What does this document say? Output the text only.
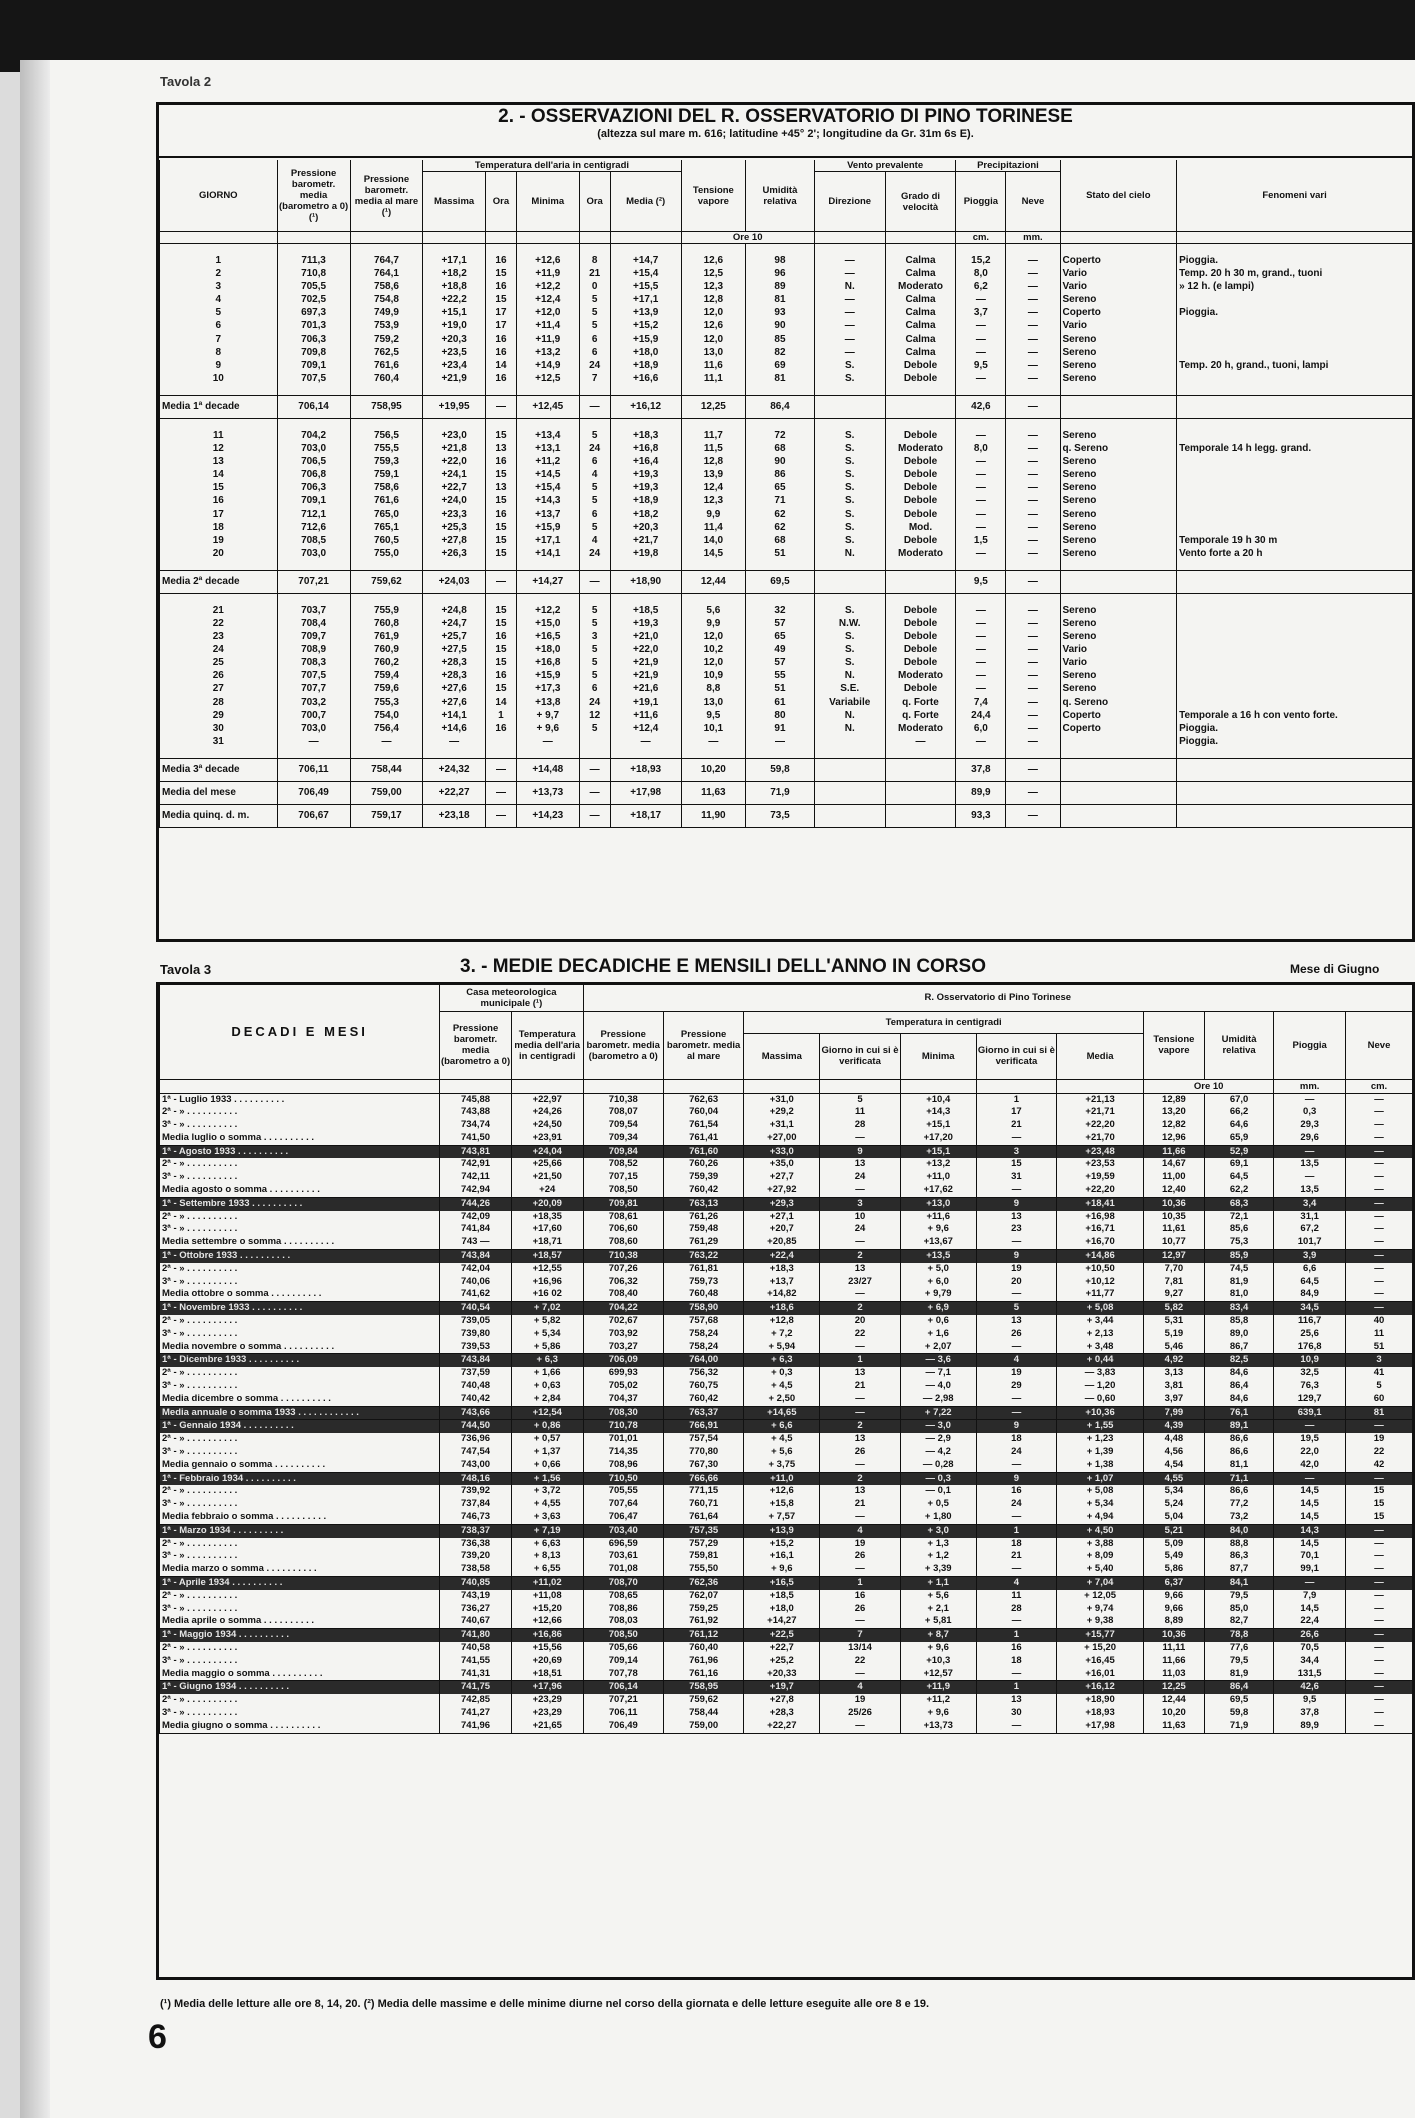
Tavola 2
2. - OSSERVAZIONI DEL R. OSSERVATORIO DI PINO TORINESE
(altezza sul mare m. 616; latitudine +45° 2'; longitudine da Gr. 31m 6s E).
GIORNO	Pressione barometr. media (barometro a 0) (¹)	Pressione barometr. media al mare (¹)	Temperatura dell'aria in centigradi					Tensione vapore	Umidità relativa	Vento prevalente		Precipitazioni		Stato del cielo	Fenomeni vari
			Massima	Ora	Minima	Ora	Media (²)			Direzione	Grado di velocità	Pioggia	Neve		
								Ore 10				cm.	mm.		

1	711,3	764,7	+17,1	16	+12,6	8	+14,7	12,6	98	—	Calma	15,2	—	Coperto	Pioggia.
2	710,8	764,1	+18,2	15	+11,9	21	+15,4	12,5	96	—	Calma	8,0	—	Vario	Temp. 20 h 30 m, grand., tuoni
3	705,5	758,6	+18,8	16	+12,2	0	+15,5	12,3	89	N.	Moderato	6,2	—	Vario	» 12 h. (e lampi)
4	702,5	754,8	+22,2	15	+12,4	5	+17,1	12,8	81	—	Calma	—	—	Sereno	
5	697,3	749,9	+15,1	17	+12,0	5	+13,9	12,0	93	—	Calma	3,7	—	Coperto	Pioggia.
6	701,3	753,9	+19,0	17	+11,4	5	+15,2	12,6	90	—	Calma	—	—	Vario	
7	706,3	759,2	+20,3	16	+11,9	6	+15,9	12,0	85	—	Calma	—	—	Sereno	
8	709,8	762,5	+23,5	16	+13,2	6	+18,0	13,0	82	—	Calma	—	—	Sereno	
9	709,1	761,6	+23,4	14	+14,9	24	+18,9	11,6	69	S.	Debole	9,5	—	Sereno	Temp. 20 h, grand., tuoni, lampi
10	707,5	760,4	+21,9	16	+12,5	7	+16,6	11,1	81	S.	Debole	—	—	Sereno	

Media 1ª decade	706,14	758,95	+19,95	—	+12,45	—	+16,12	12,25	86,4			42,6	—		

11	704,2	756,5	+23,0	15	+13,4	5	+18,3	11,7	72	S.	Debole	—	—	Sereno	
12	703,0	755,5	+21,8	13	+13,1	24	+16,8	11,5	68	S.	Moderato	8,0	—	q. Sereno	Temporale 14 h legg. grand.
13	706,5	759,3	+22,0	16	+11,2	6	+16,4	12,8	90	S.	Debole	—	—	Sereno	
14	706,8	759,1	+24,1	15	+14,5	4	+19,3	13,9	86	S.	Debole	—	—	Sereno	
15	706,3	758,6	+22,7	13	+15,4	5	+19,3	12,4	65	S.	Debole	—	—	Sereno	
16	709,1	761,6	+24,0	15	+14,3	5	+18,9	12,3	71	S.	Debole	—	—	Sereno	
17	712,1	765,0	+23,3	16	+13,7	6	+18,2	9,9	62	S.	Debole	—	—	Sereno	
18	712,6	765,1	+25,3	15	+15,9	5	+20,3	11,4	62	S.	Mod.	—	—	Sereno	
19	708,5	760,5	+27,8	15	+17,1	4	+21,7	14,0	68	S.	Debole	1,5	—	Sereno	Temporale 19 h 30 m
20	703,0	755,0	+26,3	15	+14,1	24	+19,8	14,5	51	N.	Moderato	—	—	Sereno	Vento forte a 20 h

Media 2ª decade	707,21	759,62	+24,03	—	+14,27	—	+18,90	12,44	69,5			9,5	—		

21	703,7	755,9	+24,8	15	+12,2	5	+18,5	5,6	32	S.	Debole	—	—	Sereno	
22	708,4	760,8	+24,7	15	+15,0	5	+19,3	9,9	57	N.W.	Debole	—	—	Sereno	
23	709,7	761,9	+25,7	16	+16,5	3	+21,0	12,0	65	S.	Debole	—	—	Sereno	
24	708,9	760,9	+27,5	15	+18,0	5	+22,0	10,2	49	S.	Debole	—	—	Vario	
25	708,3	760,2	+28,3	15	+16,8	5	+21,9	12,0	57	S.	Debole	—	—	Vario	
26	707,5	759,4	+28,3	16	+15,9	5	+21,9	10,9	55	N.	Moderato	—	—	Sereno	
27	707,7	759,6	+27,6	15	+17,3	6	+21,6	8,8	51	S.E.	Debole	—	—	Sereno	
28	703,2	755,3	+27,6	14	+13,8	24	+19,1	13,0	61	Variabile	q. Forte	7,4	—	q. Sereno	
29	700,7	754,0	+14,1	1	+ 9,7	12	+11,6	9,5	80	N.	q. Forte	24,4	—	Coperto	Temporale a 16 h con vento forte.
30	703,0	756,4	+14,6	16	+ 9,6	5	+12,4	10,1	91	N.	Moderato	6,0	—	Coperto	Pioggia.
31	—	—	—		—		—	—	—		—	—	—		Pioggia.

Media 3ª decade	706,11	758,44	+24,32	—	+14,48	—	+18,93	10,20	59,8			37,8	—		
Media del mese	706,49	759,00	+22,27	—	+13,73	—	+17,98	11,63	71,9			89,9	—		
Media quinq. d. m.	706,67	759,17	+23,18	—	+14,23	—	+18,17	11,90	73,5			93,3	—		
Tavola 3	3. - MEDIE DECADICHE E MENSILI DELL'ANNO IN CORSO	Mese di Giugno
DECADI E MESI	Casa meteorologica municipale (¹)		R. Osservatorio di Pino Torinese										
	Pressione barometr. media (barometro a 0)	Temperatura media dell'aria in centigradi	Pressione barometr. media (barometro a 0)	Pressione barometr. media al mare	Temperatura in centigradi					Tensione vapore	Umidità relativa	Pioggia	Neve
					Massima	Giorno in cui si è verificata	Minima	Giorno in cui si è verificata	Media				
										Ore 10		mm.	cm.
1ª - Luglio 1933 . . . . . . . . . .	745,88	+22,97	710,38	762,63	+31,0	5	+10,4	1	+21,13	12,89	67,0	—	—
2ª - » . . . . . . . . . .	743,88	+24,26	708,07	760,04	+29,2	11	+14,3	17	+21,71	13,20	66,2	0,3	—
3ª - » . . . . . . . . . .	734,74	+24,50	709,54	761,54	+31,1	28	+15,1	21	+22,20	12,82	64,6	29,3	—
Media luglio o somma . . . . . . . . . .	741,50	+23,91	709,34	761,41	+27,00	—	+17,20	—	+21,70	12,96	65,9	29,6	—
1ª - Agosto 1933 . . . . . . . . . .	743,81	+24,04	709,84	761,60	+33,0	9	+15,1	3	+23,48	11,66	52,9	—	—
2ª - » . . . . . . . . . .	742,91	+25,66	708,52	760,26	+35,0	13	+13,2	15	+23,53	14,67	69,1	13,5	—
3ª - » . . . . . . . . . .	742,11	+21,50	707,15	759,39	+27,7	24	+11,0	31	+19,59	11,00	64,5	—	—
Media agosto o somma . . . . . . . . . .	742,94	+24	708,50	760,42	+27,92	—	+17,62	—	+22,20	12,40	62,2	13,5	—
1ª - Settembre 1933 . . . . . . . . . .	744,26	+20,09	709,81	763,13	+29,3	3	+13,0	9	+18,41	10,36	68,3	3,4	—
2ª - » . . . . . . . . . .	742,09	+18,35	708,61	761,26	+27,1	10	+11,6	13	+16,98	10,35	72,1	31,1	—
3ª - » . . . . . . . . . .	741,84	+17,60	706,60	759,48	+20,7	24	+ 9,6	23	+16,71	11,61	85,6	67,2	—
Media settembre o somma . . . . . . . . . .	743 —	+18,71	708,60	761,29	+20,85	—	+13,67	—	+16,70	10,77	75,3	101,7	—
1ª - Ottobre 1933 . . . . . . . . . .	743,84	+18,57	710,38	763,22	+22,4	2	+13,5	9	+14,86	12,97	85,9	3,9	—
2ª - » . . . . . . . . . .	742,04	+12,55	707,26	761,81	+18,3	13	+ 5,0	19	+10,50	7,70	74,5	6,6	—
3ª - » . . . . . . . . . .	740,06	+16,96	706,32	759,73	+13,7	23/27	+ 6,0	20	+10,12	7,81	81,9	64,5	—
Media ottobre o somma . . . . . . . . . .	741,62	+16 02	708,40	760,48	+14,82	—	+ 9,79	—	+11,77	9,27	81,0	84,9	—
1ª - Novembre 1933 . . . . . . . . . .	740,54	+ 7,02	704,22	758,90	+18,6	2	+ 6,9	5	+ 5,08	5,82	83,4	34,5	—
2ª - » . . . . . . . . . .	739,05	+ 5,82	702,67	757,68	+12,8	20	+ 0,6	13	+ 3,44	5,31	85,8	116,7	40
3ª - » . . . . . . . . . .	739,80	+ 5,34	703,92	758,24	+ 7,2	22	+ 1,6	26	+ 2,13	5,19	89,0	25,6	11
Media novembre o somma . . . . . . . . . .	739,53	+ 5,86	703,27	758,24	+ 5,94	—	+ 2,07	—	+ 3,48	5,46	86,7	176,8	51
1ª - Dicembre 1933 . . . . . . . . . .	743,84	+ 6,3	706,09	764,00	+ 6,3	1	— 3,6	4	+ 0,44	4,92	82,5	10,9	3
2ª - » . . . . . . . . . .	737,59	+ 1,66	699,93	756,32	+ 0,3	13	— 7,1	19	— 3,83	3,13	84,6	32,5	41
3ª - » . . . . . . . . . .	740,48	+ 0,63	705,02	760,75	+ 4,5	21	— 4,0	29	— 1,20	3,81	86,4	76,3	5
Media dicembre o somma . . . . . . . . . .	740,42	+ 2,84	704,37	760,42	+ 2,50	—	— 2,98	—	— 0,60	3,97	84,6	129,7	60
Media annuale o somma 1933 . . . . . . . . . . . .	743,66	+12,54	708,30	763,37	+14,65	—	+ 7,22	—	+10,36	7,99	76,1	639,1	81
1ª - Gennaio 1934 . . . . . . . . . .	744,50	+ 0,86	710,78	766,91	+ 6,6	2	— 3,0	9	+ 1,55	4,39	89,1	—	—
2ª - » . . . . . . . . . .	736,96	+ 0,57	701,01	757,54	+ 4,5	13	— 2,9	18	+ 1,23	4,48	86,6	19,5	19
3ª - » . . . . . . . . . .	747,54	+ 1,37	714,35	770,80	+ 5,6	26	— 4,2	24	+ 1,39	4,56	86,6	22,0	22
Media gennaio o somma . . . . . . . . . .	743,00	+ 0,66	708,96	767,30	+ 3,75	—	— 0,28	—	+ 1,38	4,54	81,1	42,0	42
1ª - Febbraio 1934 . . . . . . . . . .	748,16	+ 1,56	710,50	766,66	+11,0	2	— 0,3	9	+ 1,07	4,55	71,1	—	—
2ª - » . . . . . . . . . .	739,92	+ 3,72	705,55	771,15	+12,6	13	— 0,1	16	+ 5,08	5,34	86,6	14,5	15
3ª - » . . . . . . . . . .	737,84	+ 4,55	707,64	760,71	+15,8	21	+ 0,5	24	+ 5,34	5,24	77,2	14,5	15
Media febbraio o somma . . . . . . . . . .	746,73	+ 3,63	706,47	761,64	+ 7,57	—	+ 1,80	—	+ 4,94	5,04	73,2	14,5	15
1ª - Marzo 1934 . . . . . . . . . .	738,37	+ 7,19	703,40	757,35	+13,9	4	+ 3,0	1	+ 4,50	5,21	84,0	14,3	—
2ª - » . . . . . . . . . .	736,38	+ 6,63	696,59	757,29	+15,2	19	+ 1,3	18	+ 3,88	5,09	88,8	14,5	—
3ª - » . . . . . . . . . .	739,20	+ 8,13	703,61	759,81	+16,1	26	+ 1,2	21	+ 8,09	5,49	86,3	70,1	—
Media marzo o somma . . . . . . . . . .	738,58	+ 6,55	701,08	755,50	+ 9,6	—	+ 3,39	—	+ 5,40	5,86	87,7	99,1	—
1ª - Aprile 1934 . . . . . . . . . .	740,85	+11,02	708,70	762,36	+16,5	1	+ 1,1	4	+ 7,04	6,37	84,1	—	—
2ª - » . . . . . . . . . .	743,19	+11,08	708,65	762,07	+18,5	16	+ 5,6	11	+ 12,05	9,66	79,5	7,9	—
3ª - » . . . . . . . . . .	736,27	+15,20	708,86	759,25	+18,0	26	+ 2,1	28	+ 9,74	9,66	85,0	14,5	—
Media aprile o somma . . . . . . . . . .	740,67	+12,66	708,03	761,92	+14,27	—	+ 5,81	—	+ 9,38	8,89	82,7	22,4	—
1ª - Maggio 1934 . . . . . . . . . .	741,80	+16,86	708,50	761,12	+22,5	7	+ 8,7	1	+15,77	10,36	78,8	26,6	—
2ª - » . . . . . . . . . .	740,58	+15,56	705,66	760,40	+22,7	13/14	+ 9,6	16	+ 15,20	11,11	77,6	70,5	—
3ª - » . . . . . . . . . .	741,55	+20,69	709,14	761,96	+25,2	22	+10,3	18	+16,45	11,66	79,5	34,4	—
Media maggio o somma . . . . . . . . . .	741,31	+18,51	707,78	761,16	+20,33	—	+12,57	—	+16,01	11,03	81,9	131,5	—
1ª - Giugno 1934 . . . . . . . . . .	741,75	+17,96	706,14	758,95	+19,7	4	+11,9	1	+16,12	12,25	86,4	42,6	—
2ª - » . . . . . . . . . .	742,85	+23,29	707,21	759,62	+27,8	19	+11,2	13	+18,90	12,44	69,5	9,5	—
3ª - » . . . . . . . . . .	741,27	+23,29	706,11	758,44	+28,3	25/26	+ 9,6	30	+18,93	10,20	59,8	37,8	—
Media giugno o somma . . . . . . . . . .	741,96	+21,65	706,49	759,00	+22,27	—	+13,73	—	+17,98	11,63	71,9	89,9	—
(¹) Media delle letture alle ore 8, 14, 20. (²) Media delle massime e delle minime diurne nel corso della giornata e delle letture eseguite alle ore 8 e 19.
6
